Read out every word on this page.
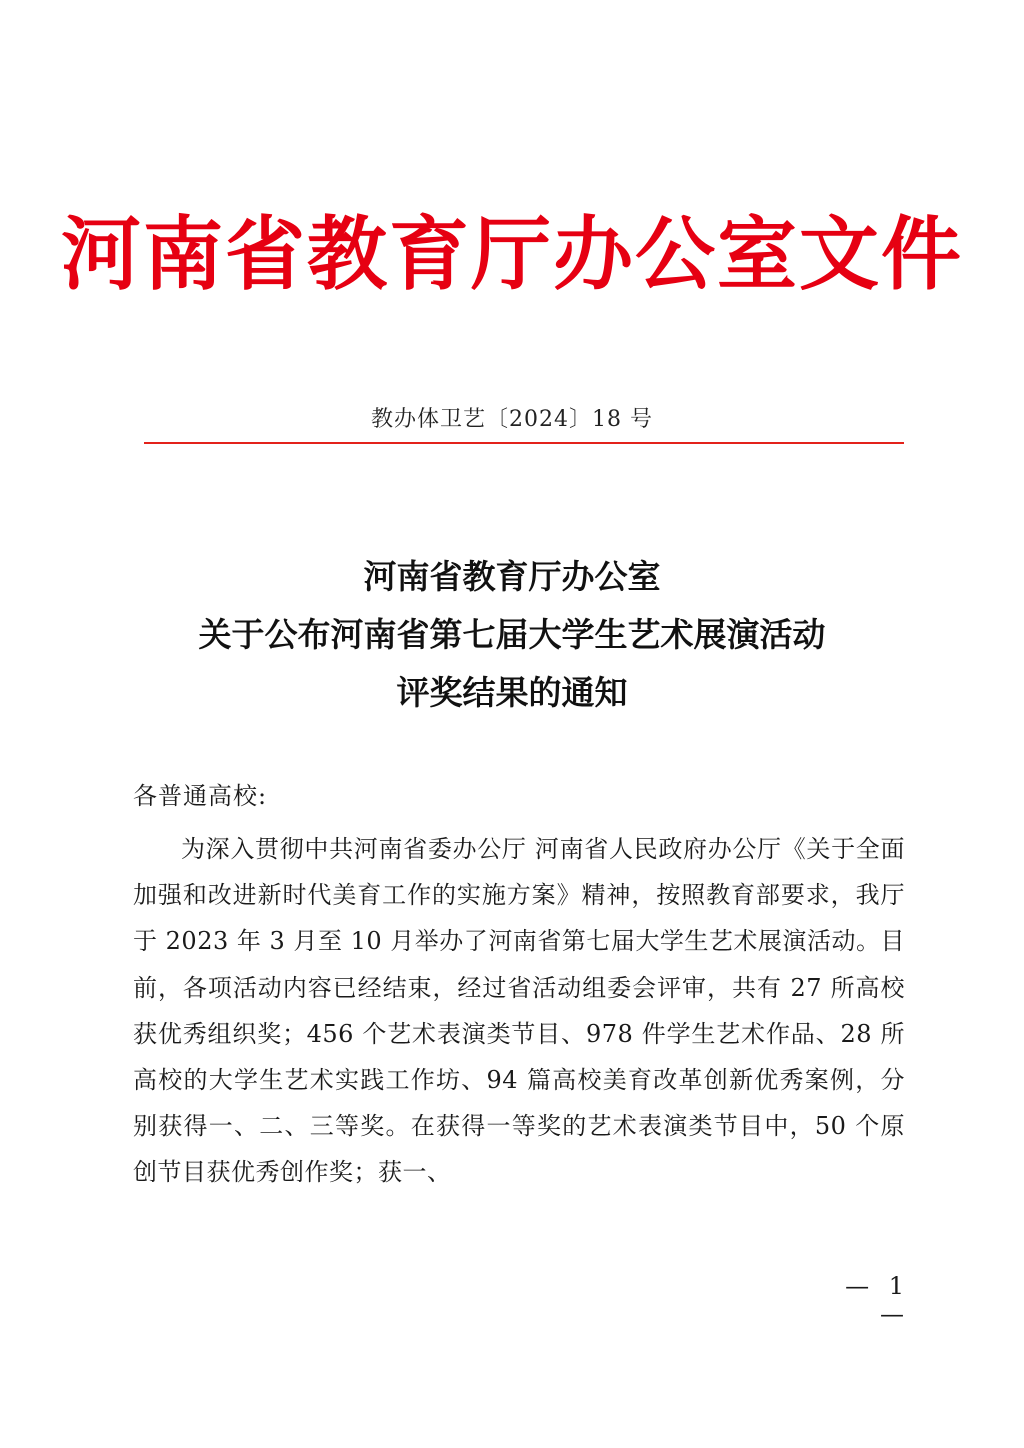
河南省教育厅办公室文件
教办体卫艺〔2024〕18 号
河南省教育厅办公室
关于公布河南省第七届大学生艺术展演活动
评奖结果的通知
各普通高校:
为深入贯彻中共河南省委办公厅 河南省人民政府办公厅《关于全面加强和改进新时代美育工作的实施方案》精神，按照教育部要求，我厅于 2023 年 3 月至 10 月举办了河南省第七届大学生艺术展演活动。目前，各项活动内容已经结束，经过省活动组委会评审，共有 27 所高校获优秀组织奖；456 个艺术表演类节目、978 件学生艺术作品、28 所高校的大学生艺术实践工作坊、94 篇高校美育改革创新优秀案例，分别获得一、二、三等奖。在获得一等奖的艺术表演类节目中，50 个原创节目获优秀创作奖；获一、
— 1 —
